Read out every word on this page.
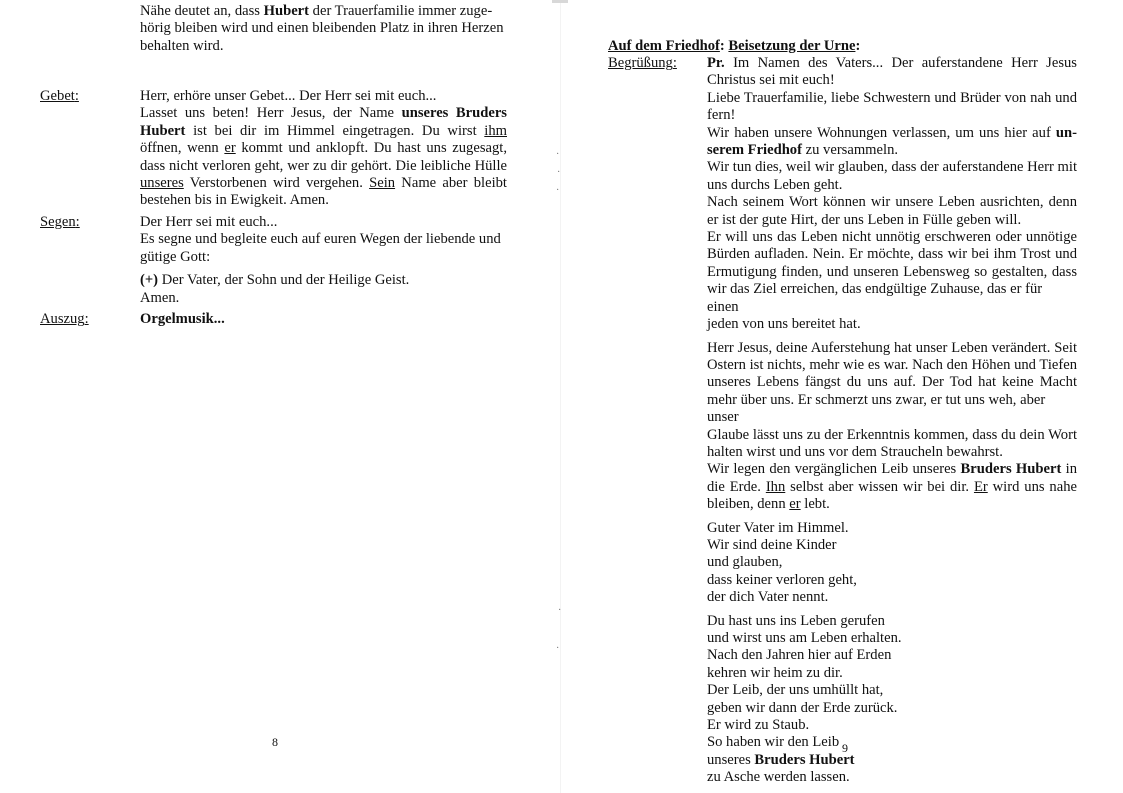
Nähe deutet an, dass Hubert der Trauerfamilie immer zuge-
hörig bleiben wird und einen bleibenden Platz in ihren Herzen
behalten wird.
Gebet:	Herr, erhöre unser Gebet... Der Herr sei mit euch...
Lasset uns beten! Herr Jesus, der Name unseres Bruders
Hubert ist bei dir im Himmel eingetragen. Du wirst ihm
öffnen, wenn er kommt und anklopft. Du hast uns zugesagt,
dass nicht verloren geht, wer zu dir gehört. Die leibliche Hülle
unseres Verstorbenen wird vergehen. Sein Name aber bleibt
bestehen bis in Ewigkeit. Amen.
Segen:	Der Herr sei mit euch...
Es segne und begleite euch auf euren Wegen der liebende und
gütige Gott:
(+) Der Vater, der Sohn und der Heilige Geist.
Amen.
Auszug:	Orgelmusik...
8
Auf dem Friedhof: Beisetzung der Urne:
Begrüßung: Pr. Im Namen des Vaters... Der auferstandene Herr Jesus
Christus sei mit euch!
Liebe Trauerfamilie, liebe Schwestern und Brüder von nah und
fern!
Wir haben unsere Wohnungen verlassen, um uns hier auf un-
serem Friedhof zu versammeln.
Wir tun dies, weil wir glauben, dass der auferstandene Herr mit
uns durchs Leben geht.
Nach seinem Wort können wir unsere Leben ausrichten, denn
er ist der gute Hirt, der uns Leben in Fülle geben will.
Er will uns das Leben nicht unnötig erschweren oder unnötige
Bürden aufladen. Nein. Er möchte, dass wir bei ihm Trost und
Ermutigung finden, und unseren Lebensweg so gestalten, dass
wir das Ziel erreichen, das endgültige Zuhause, das er für einen
jeden von uns bereitet hat.
Herr Jesus, deine Auferstehung hat unser Leben verändert. Seit
Ostern ist nichts, mehr wie es war. Nach den Höhen und Tiefen
unseres Lebens fängst du uns auf. Der Tod hat keine Macht
mehr über uns. Er schmerzt uns zwar, er tut uns weh, aber unser
Glaube lässt uns zu der Erkenntnis kommen, dass du dein Wort
halten wirst und uns vor dem Straucheln bewahrst.
Wir legen den vergänglichen Leib unseres Bruders Hubert in
die Erde. Ihn selbst aber wissen wir bei dir. Er wird uns nahe
bleiben, denn er lebt.
Guter Vater im Himmel.
Wir sind deine Kinder
und glauben,
dass keiner verloren geht,
der dich Vater nennt.
Du hast uns ins Leben gerufen
und wirst uns am Leben erhalten.
Nach den Jahren hier auf Erden
kehren wir heim zu dir.
Der Leib, der uns umhüllt hat,
geben wir dann der Erde zurück.
Er wird zu Staub.
So haben wir den Leib
unseres Bruders Hubert
zu Asche werden lassen.
9
·
·
·
·
·
